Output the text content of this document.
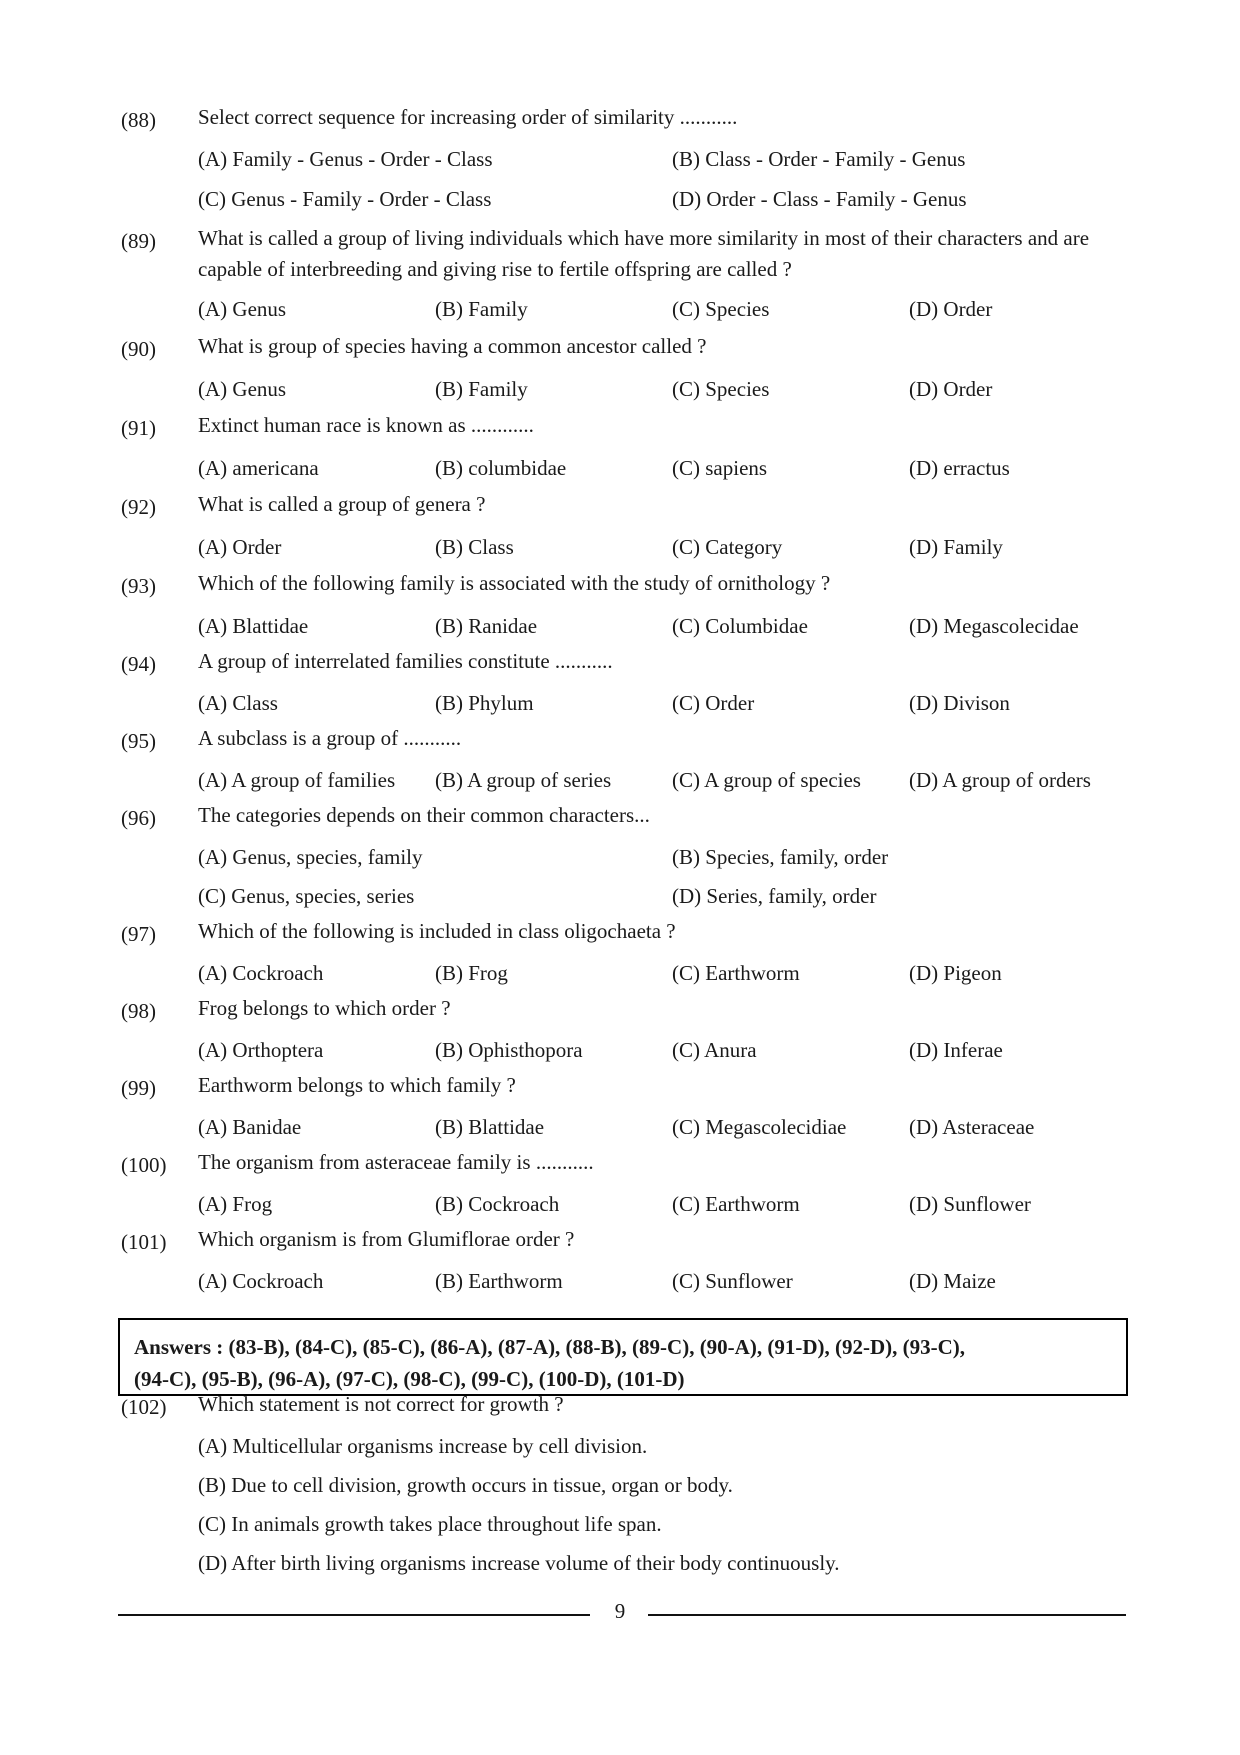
(88) Select correct sequence for increasing order of similarity ...........
(A) Family - Genus - Order - Class	(B) Class - Order - Family - Genus
(C) Genus - Family - Order - Class	(D) Order - Class - Family - Genus
(89) What is called a group of living individuals which have more similarity in most of their characters and are capable of interbreeding and giving rise to fertile offspring are called ?
(A) Genus	(B) Family	(C) Species	(D) Order
(90) What is group of species having a common ancestor called ?
(A) Genus	(B) Family	(C) Species	(D) Order
(91) Extinct human race is known as ............
(A) americana	(B) columbidae	(C) sapiens	(D) erractus
(92) What is called a group of genera ?
(A) Order	(B) Class	(C) Category	(D) Family
(93) Which of the following family is associated with the study of ornithology ?
(A) Blattidae	(B) Ranidae	(C) Columbidae	(D) Megascolecidae
(94) A group of interrelated families constitute ...........
(A) Class	(B) Phylum	(C) Order	(D) Divison
(95) A subclass is a group of ...........
(A) A group of families (B) A group of series	(C) A group of species (D) A group of orders
(96) The categories depends on their common characters...
(A) Genus, species, family	(B) Species, family, order
(C) Genus, species, series	(D) Series, family, order
(97) Which of the following is included in class oligochaeta ?
(A) Cockroach	(B) Frog	(C) Earthworm	(D) Pigeon
(98) Frog belongs to which order ?
(A) Orthoptera	(B) Ophisthopora	(C) Anura	(D) Inferae
(99) Earthworm belongs to which family ?
(A) Banidae	(B) Blattidae	(C) Megascolecidiae	(D) Asteraceae
(100) The organism from asteraceae family is ...........
(A) Frog	(B) Cockroach	(C) Earthworm	(D) Sunflower
(101) Which organism is from Glumiflorae order ?
(A) Cockroach	(B) Earthworm	(C) Sunflower	(D) Maize
Answers : (83-B), (84-C), (85-C), (86-A), (87-A), (88-B), (89-C), (90-A), (91-D), (92-D), (93-C),
(94-C), (95-B), (96-A), (97-C), (98-C), (99-C), (100-D), (101-D)
(102) Which statement is not correct for growth ?
(A) Multicellular organisms increase by cell division.
(B) Due to cell division, growth occurs in tissue, organ or body.
(C) In animals growth takes place throughout life span.
(D) After birth living organisms increase volume of their body continuously.
9
